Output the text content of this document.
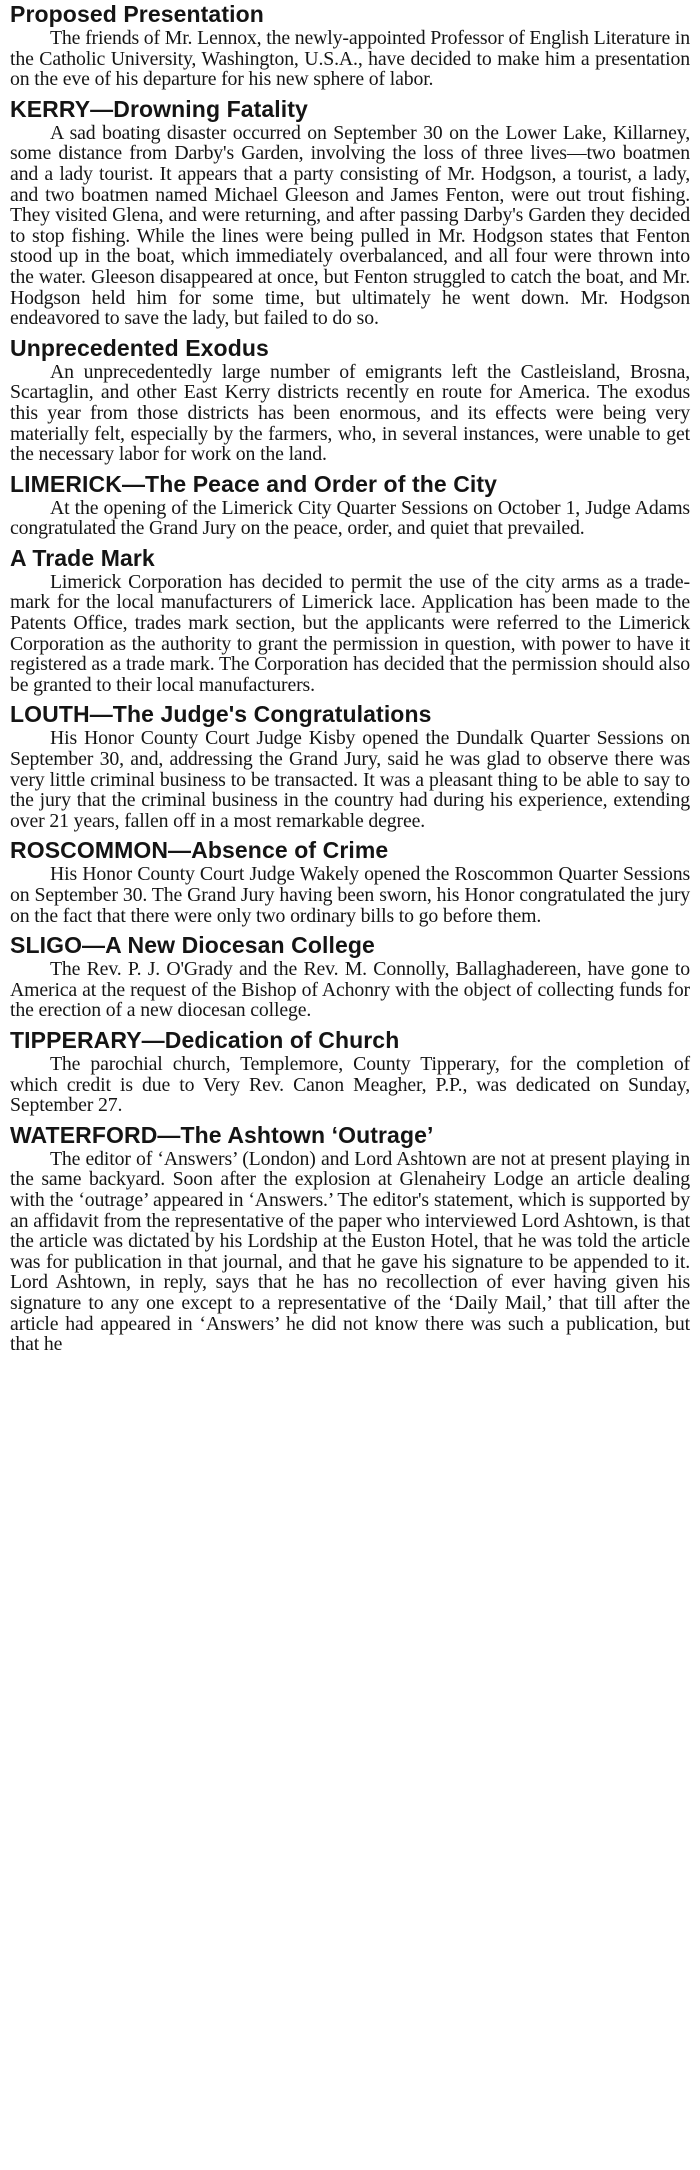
Proposed Presentation

The friends of Mr. Lennox, the newly-appointed Professor of English Literature in the Catholic University, Washington, U.S.A., have decided to make him a presentation on the eve of his departure for his new sphere of labor.

KERRY—Drowning Fatality

A sad boating disaster occurred on September 30 on the Lower Lake, Killarney, some distance from Darby's Garden, involving the loss of three lives—two boatmen and a lady tourist. It appears that a party consisting of Mr. Hodgson, a tourist, a lady, and two boatmen named Michael Gleeson and James Fenton, were out trout fishing. They visited Glena, and were returning, and after passing Darby's Garden they decided to stop fishing. While the lines were being pulled in Mr. Hodgson states that Fenton stood up in the boat, which immediately overbalanced, and all four were thrown into the water. Gleeson disappeared at once, but Fenton struggled to catch the boat, and Mr. Hodgson held him for some time, but ultimately he went down. Mr. Hodgson endeavored to save the lady, but failed to do so.

Unprecedented Exodus

An unprecedentedly large number of emigrants left the Castleisland, Brosna, Scartaglin, and other East Kerry districts recently en route for America. The exodus this year from those districts has been enormous, and its effects were being very materially felt, especially by the farmers, who, in several instances, were unable to get the necessary labor for work on the land.

LIMERICK—The Peace and Order of the City

At the opening of the Limerick City Quarter Sessions on October 1, Judge Adams congratulated the Grand Jury on the peace, order, and quiet that prevailed.

A Trade Mark

Limerick Corporation has decided to permit the use of the city arms as a trade-mark for the local manufacturers of Limerick lace. Application has been made to the Patents Office, trades mark section, but the applicants were referred to the Limerick Corporation as the authority to grant the permission in question, with power to have it registered as a trade mark. The Corporation has decided that the permission should also be granted to their local manufacturers.

LOUTH—The Judge's Congratulations

His Honor County Court Judge Kisby opened the Dundalk Quarter Sessions on September 30, and, addressing the Grand Jury, said he was glad to observe there was very little criminal business to be transacted. It was a pleasant thing to be able to say to the jury that the criminal business in the country had during his experience, extending over 21 years, fallen off in a most remarkable degree.

ROSCOMMON—Absence of Crime

His Honor County Court Judge Wakely opened the Roscommon Quarter Sessions on September 30. The Grand Jury having been sworn, his Honor congratulated the jury on the fact that there were only two ordinary bills to go before them.

SLIGO—A New Diocesan College

The Rev. P. J. O'Grady and the Rev. M. Connolly, Ballaghadereen, have gone to America at the request of the Bishop of Achonry with the object of collecting funds for the erection of a new diocesan college.

TIPPERARY—Dedication of Church

The parochial church, Templemore, County Tipperary, for the completion of which credit is due to Very Rev. Canon Meagher, P.P., was dedicated on Sunday, September 27.

WATERFORD—The Ashtown ‘Outrage’

The editor of ‘Answers’ (London) and Lord Ashtown are not at present playing in the same backyard. Soon after the explosion at Glenaheiry Lodge an article dealing with the ‘outrage’ appeared in ‘Answers.’ The editor's statement, which is supported by an affidavit from the representative of the paper who interviewed Lord Ashtown, is that the article was dictated by his Lordship at the Euston Hotel, that he was told the article was for publication in that journal, and that he gave his signature to be appended to it. Lord Ashtown, in reply, says that he has no recollection of ever having given his signature to any one except to a representative of the ‘Daily Mail,’ that till after the article had appeared in ‘Answers’ he did not know there was such a publication, but that he
